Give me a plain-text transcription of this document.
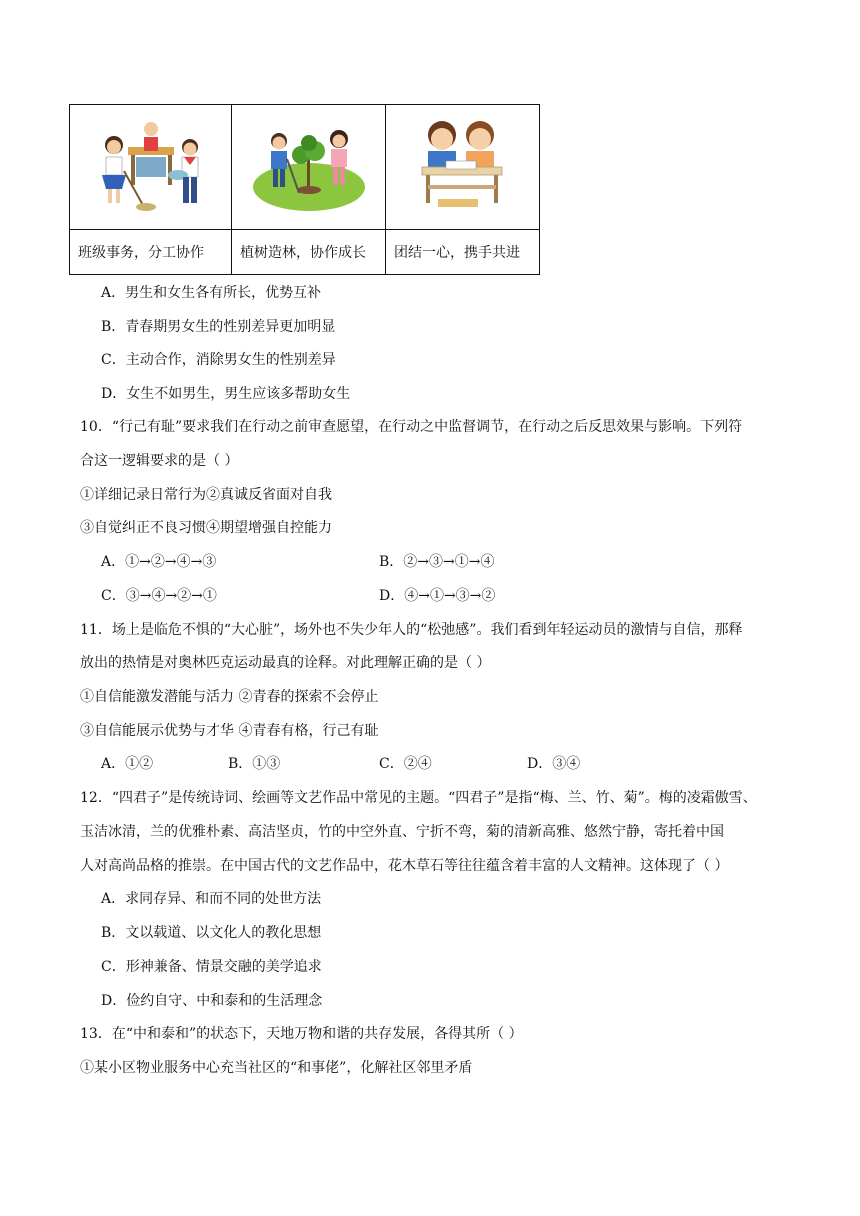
班级事务，分工协作	植树造林，协作成长	团结一心，携手共进
A．男生和女生各有所长，优势互补
B．青春期男女生的性别差异更加明显
C．主动合作，消除男女生的性别差异
D．女生不如男生，男生应该多帮助女生
10．“行己有耻”要求我们在行动之前审查愿望，在行动之中监督调节，在行动之后反思效果与影响。下列符
合这一逻辑要求的是（ ）
①详细记录日常行为②真诚反省面对自我
③自觉纠正不良习惯④期望增强自控能力
A．①→②→④→③	B．②→③→①→④
C．③→④→②→①	D．④→①→③→②
11．场上是临危不惧的“大心脏”，场外也不失少年人的“松弛感”。我们看到年轻运动员的激情与自信，那释
放出的热情是对奥林匹克运动最真的诠释。对此理解正确的是（ ）
①自信能激发潜能与活力 ②青春的探索不会停止
③自信能展示优势与才华 ④青春有格，行己有耻
A．①②	B．①③	C．②④	D．③④
12．“四君子”是传统诗词、绘画等文艺作品中常见的主题。“四君子”是指“梅、兰、竹、菊”。梅的凌霜傲雪、
玉洁冰清，兰的优雅朴素、高洁坚贞，竹的中空外直、宁折不弯，菊的清新高雅、悠然宁静，寄托着中国
人对高尚品格的推崇。在中国古代的文艺作品中，花木草石等往往蕴含着丰富的人文精神。这体现了（ ）
A．求同存异、和而不同的处世方法
B．文以载道、以文化人的教化思想
C．形神兼备、情景交融的美学追求
D．俭约自守、中和泰和的生活理念
13．在“中和泰和”的状态下，天地万物和谐的共存发展，各得其所（ ）
①某小区物业服务中心充当社区的“和事佬”，化解社区邻里矛盾
